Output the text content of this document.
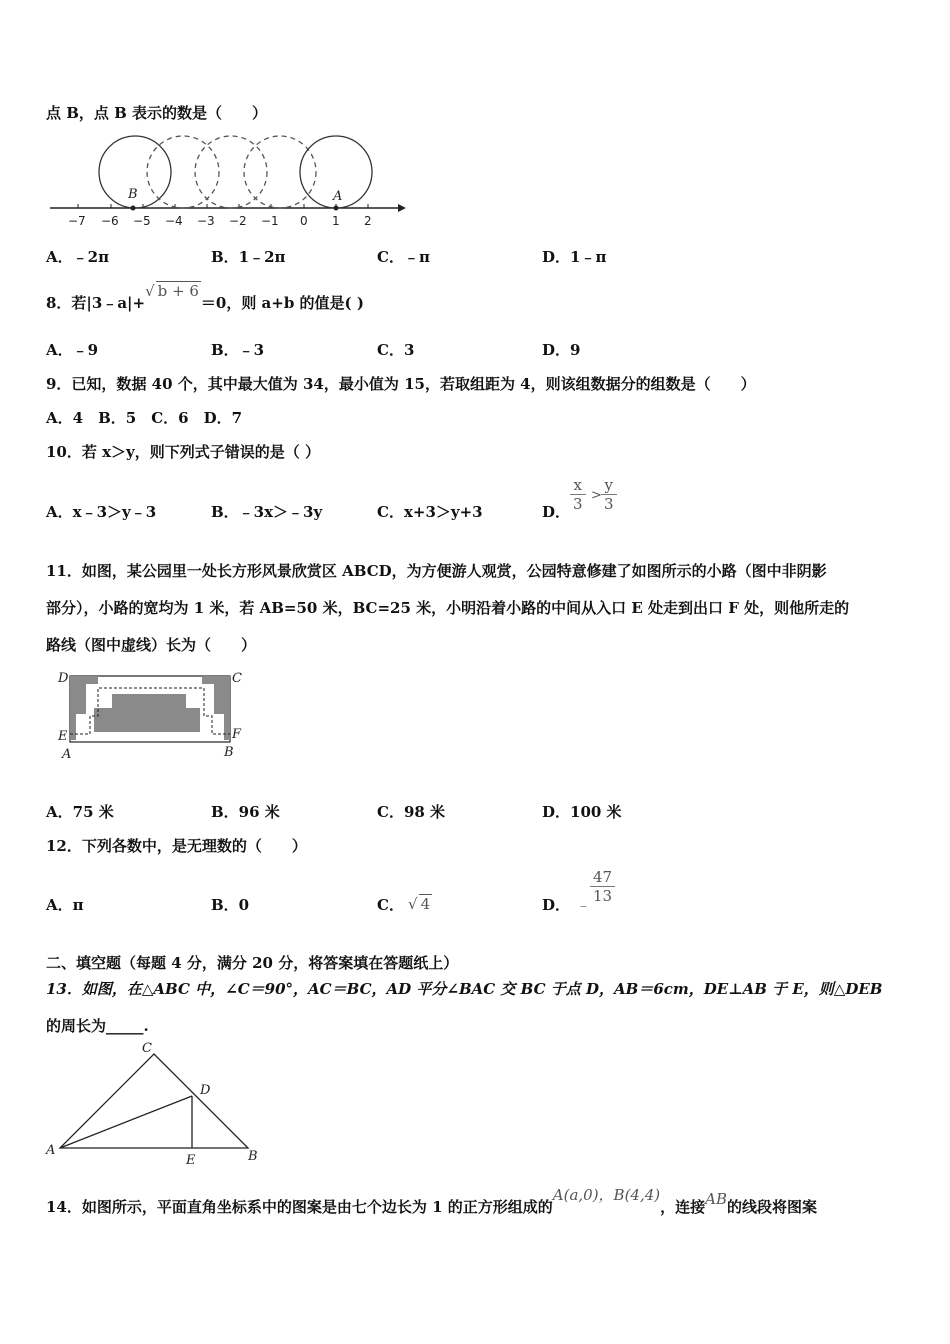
点 B，点 B 表示的数是（　　）
B	A
−7 −6 −5 −4 −3 −2 −1 0 1 2
A．﹣2π	B．1﹣2π	C．﹣π	D．1﹣π
8．若|3﹣a|+√ b + 6＝0，则 a+b 的值是( )
A．﹣9	B．﹣3	C．3	D．9
9．已知，数据 40 个，其中最大值为 34，最小值为 15，若取组距为 4，则该组数据分的组数是（　　）
A．4　B．5　C．6　D．7
10．若 x＞y，则下列式子错误的是（ ）
A．x﹣3＞y﹣3	B．﹣3x＞﹣3y	C．x+3＞y+3	D． $\frac{x}{3} > \frac{y}{3}$
11．如图，某公园里一处长方形风景欣赏区 ABCD，为方便游人观赏，公园特意修建了如图所示的小路（图中非阴影
部分），小路的宽均为 1 米，若 AB=50 米，BC=25 米，小明沿着小路的中间从入口 E 处走到出口 F 处，则他所走的
路线（图中虚线）长为（　　）
D	C
E	F
A	B
A．75 米	B．96 米	C．98 米	D．100 米
12．下列各数中，是无理数的（　　）
A．π	B．0	C． √ 4	D． ﹣
$\frac{47}{13}$
二、填空题（每题 4 分，满分 20 分，将答案填在答题纸上）
13．如图，在△ABC 中，∠C＝90°，AC＝BC，AD 平分∠BAC 交 BC 于点 D，AB＝6cm，DE⊥AB 于 E，则△DEB
的周长为_____.
C
D
A
E	B
14．如图所示，平面直角坐标系中的图案是由七个边长为 1 的正方形组成的A(a,0)，B(4,4)，连接AB的线段将图案
